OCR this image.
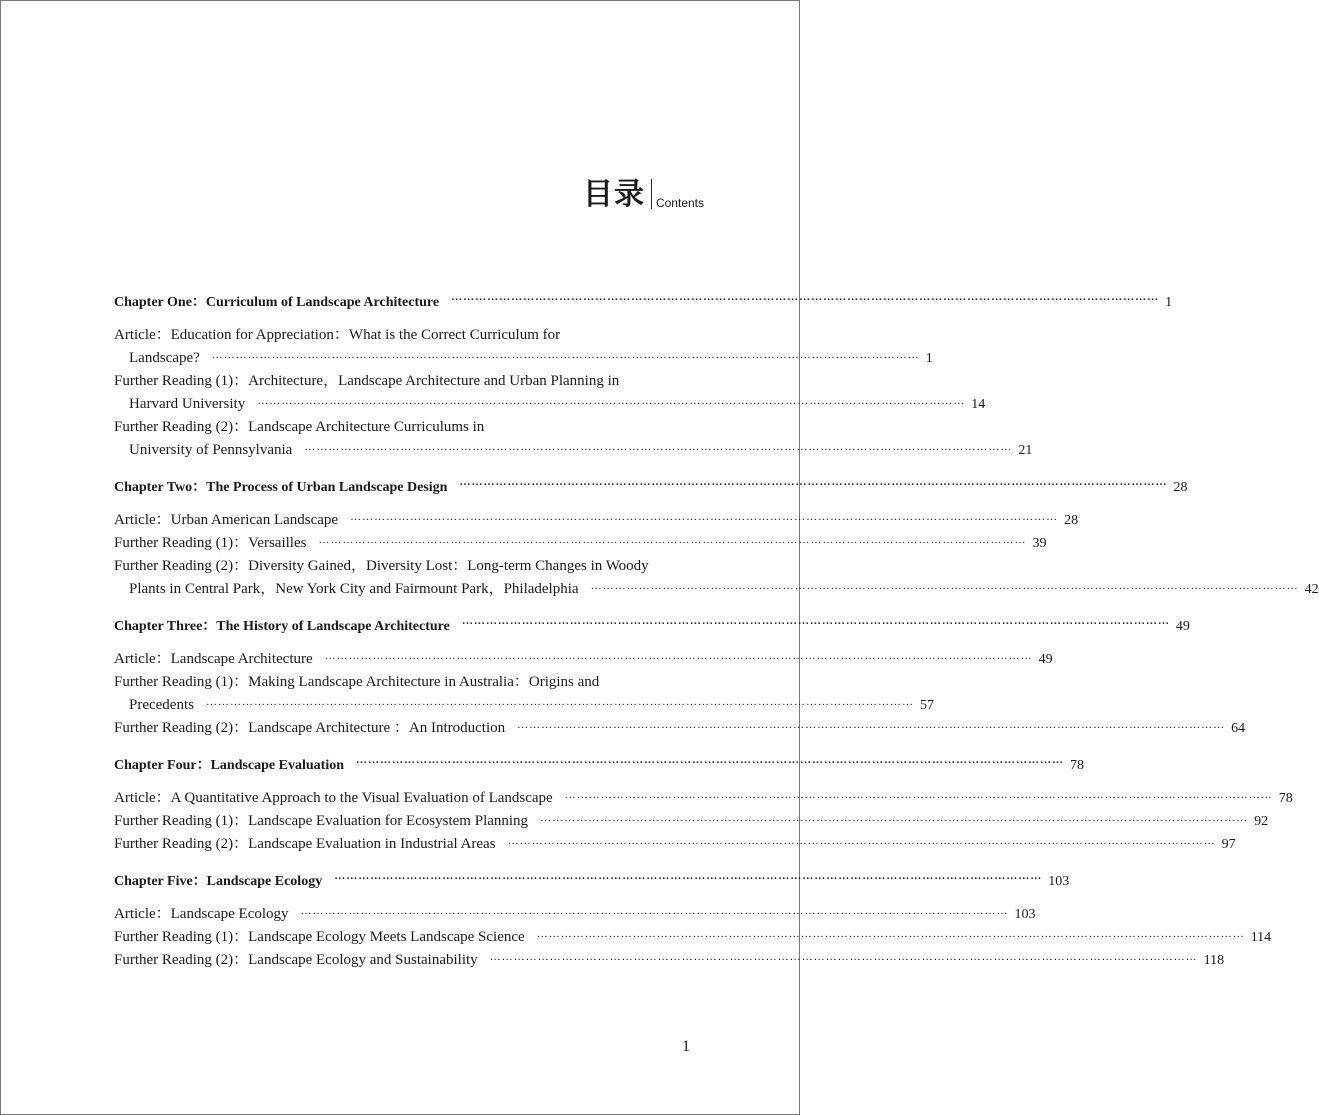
目录 Contents
Chapter One：Curriculum of Landscape Architecture …………………………………………………………………………………………………………………………………………………………… 1
Article：Education for Appreciation：What is the Correct Curriculum for
Landscape? …………………………………………………………………………………………………………………………………………………………… 1
Further Reading (1)：Architecture，Landscape Architecture and Urban Planning in
Harvard University …………………………………………………………………………………………………………………………………………………………… 14
Further Reading (2)：Landscape Architecture Curriculums in
University of Pennsylvania …………………………………………………………………………………………………………………………………………………………… 21
Chapter Two：The Process of Urban Landscape Design …………………………………………………………………………………………………………………………………………………………… 28
Article：Urban American Landscape …………………………………………………………………………………………………………………………………………………………… 28
Further Reading (1)：Versailles …………………………………………………………………………………………………………………………………………………………… 39
Further Reading (2)：Diversity Gained，Diversity Lost：Long-term Changes in Woody
Plants in Central Park，New York City and Fairmount Park，Philadelphia …………………………………………………………………………………………………………………………………………………………… 42
Chapter Three：The History of Landscape Architecture …………………………………………………………………………………………………………………………………………………………… 49
Article：Landscape Architecture …………………………………………………………………………………………………………………………………………………………… 49
Further Reading (1)：Making Landscape Architecture in Australia：Origins and
Precedents …………………………………………………………………………………………………………………………………………………………… 57
Further Reading (2)：Landscape Architecture ：An Introduction …………………………………………………………………………………………………………………………………………………………… 64
Chapter Four：Landscape Evaluation …………………………………………………………………………………………………………………………………………………………… 78
Article：A Quantitative Approach to the Visual Evaluation of Landscape …………………………………………………………………………………………………………………………………………………………… 78
Further Reading (1)：Landscape Evaluation for Ecosystem Planning …………………………………………………………………………………………………………………………………………………………… 92
Further Reading (2)：Landscape Evaluation in Industrial Areas …………………………………………………………………………………………………………………………………………………………… 97
Chapter Five：Landscape Ecology …………………………………………………………………………………………………………………………………………………………… 103
Article：Landscape Ecology …………………………………………………………………………………………………………………………………………………………… 103
Further Reading (1)：Landscape Ecology Meets Landscape Science …………………………………………………………………………………………………………………………………………………………… 114
Further Reading (2)：Landscape Ecology and Sustainability …………………………………………………………………………………………………………………………………………………………… 118
1
